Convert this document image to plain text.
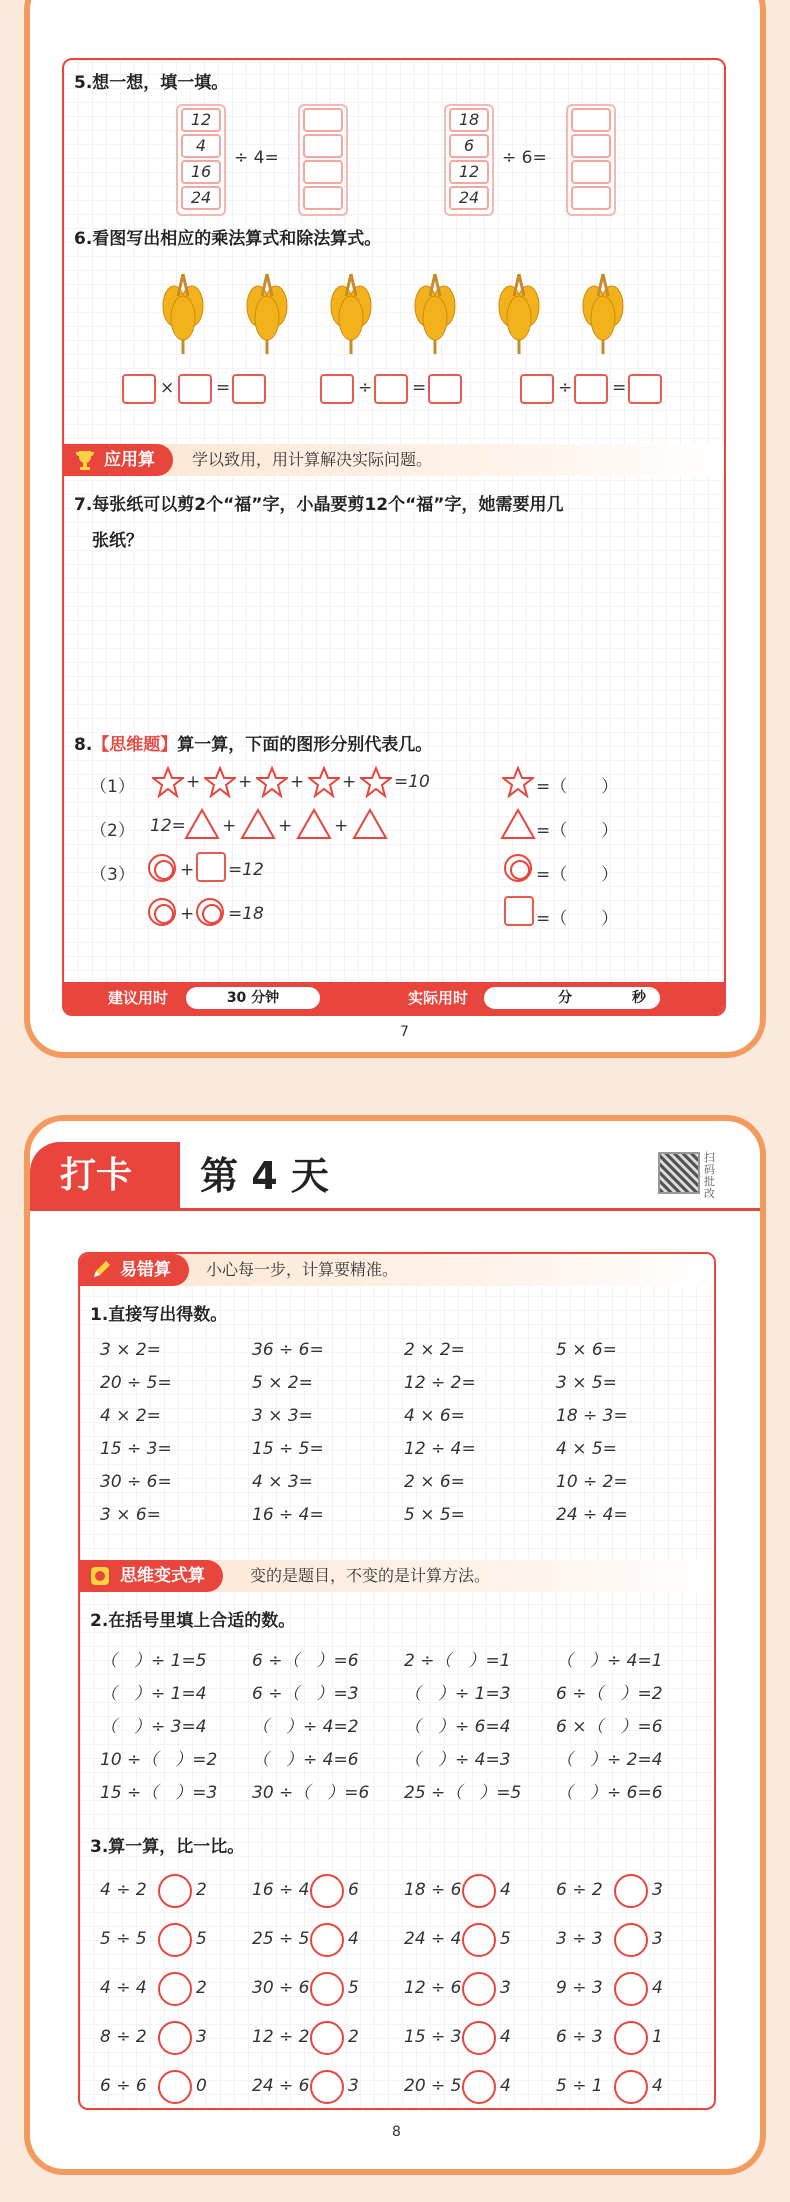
5.想一想，填一填。
12
4
16
24
÷ 4=
18
6
12
24
÷ 6=
6.看图写出相应的乘法算式和除法算式。
× =	÷ =	÷ =
应用算	学以致用，用计算解决实际问题。
7.每张纸可以剪2个“福”字，小晶要剪12个“福”字，她需要用几
张纸？
8.【思维题】算一算，下面的图形分别代表几。
（1）	+ + + + =10	=（　　）
（2） 12= + + +	=（　　）
（3）	+ =12	=（　　）
+ =18	=（　　）
建议用时	30 分钟	实际用时	分	秒
7
打卡	第 4 天	扫码批改
易错算	小心每一步，计算要精准。
1.直接写出得数。
3 × 2=	36 ÷ 6=	2 × 2=	5 × 6=
20 ÷ 5=	5 × 2=	12 ÷ 2=	3 × 5=
4 × 2=	3 × 3=	4 × 6=	18 ÷ 3=
15 ÷ 3=	15 ÷ 5=	12 ÷ 4=	4 × 5=
30 ÷ 6=	4 × 3=	2 × 6=	10 ÷ 2=
3 × 6=	16 ÷ 4=	5 × 5=	24 ÷ 4=
思维变式算	变的是题目，不变的是计算方法。
2.在括号里填上合适的数。
（　）÷ 1=5	6 ÷（　）=6	2 ÷（　）=1	（　）÷ 4=1
（　）÷ 1=4	6 ÷（　）=3	（　）÷ 1=3	6 ÷（　）=2
（　）÷ 3=4	（　）÷ 4=2	（　）÷ 6=4	6 ×（　）=6
10 ÷（　）=2 （　）÷ 4=6	（　）÷ 4=3	（　）÷ 2=4
15 ÷（　）=3 30 ÷（　）=6 25 ÷（　）=5 （　）÷ 6=6
3.算一算，比一比。
4 ÷ 2	2	16 ÷ 4 6	18 ÷ 6 4	6 ÷ 2	3
5 ÷ 5	5	25 ÷ 5 4	24 ÷ 4 5	3 ÷ 3	3
4 ÷ 4	2	30 ÷ 6 5	12 ÷ 6 3	9 ÷ 3	4
8 ÷ 2	3	12 ÷ 2 2	15 ÷ 3 4	6 ÷ 3	1
6 ÷ 6	0	24 ÷ 6 3	20 ÷ 5 4	5 ÷ 1	4
8
